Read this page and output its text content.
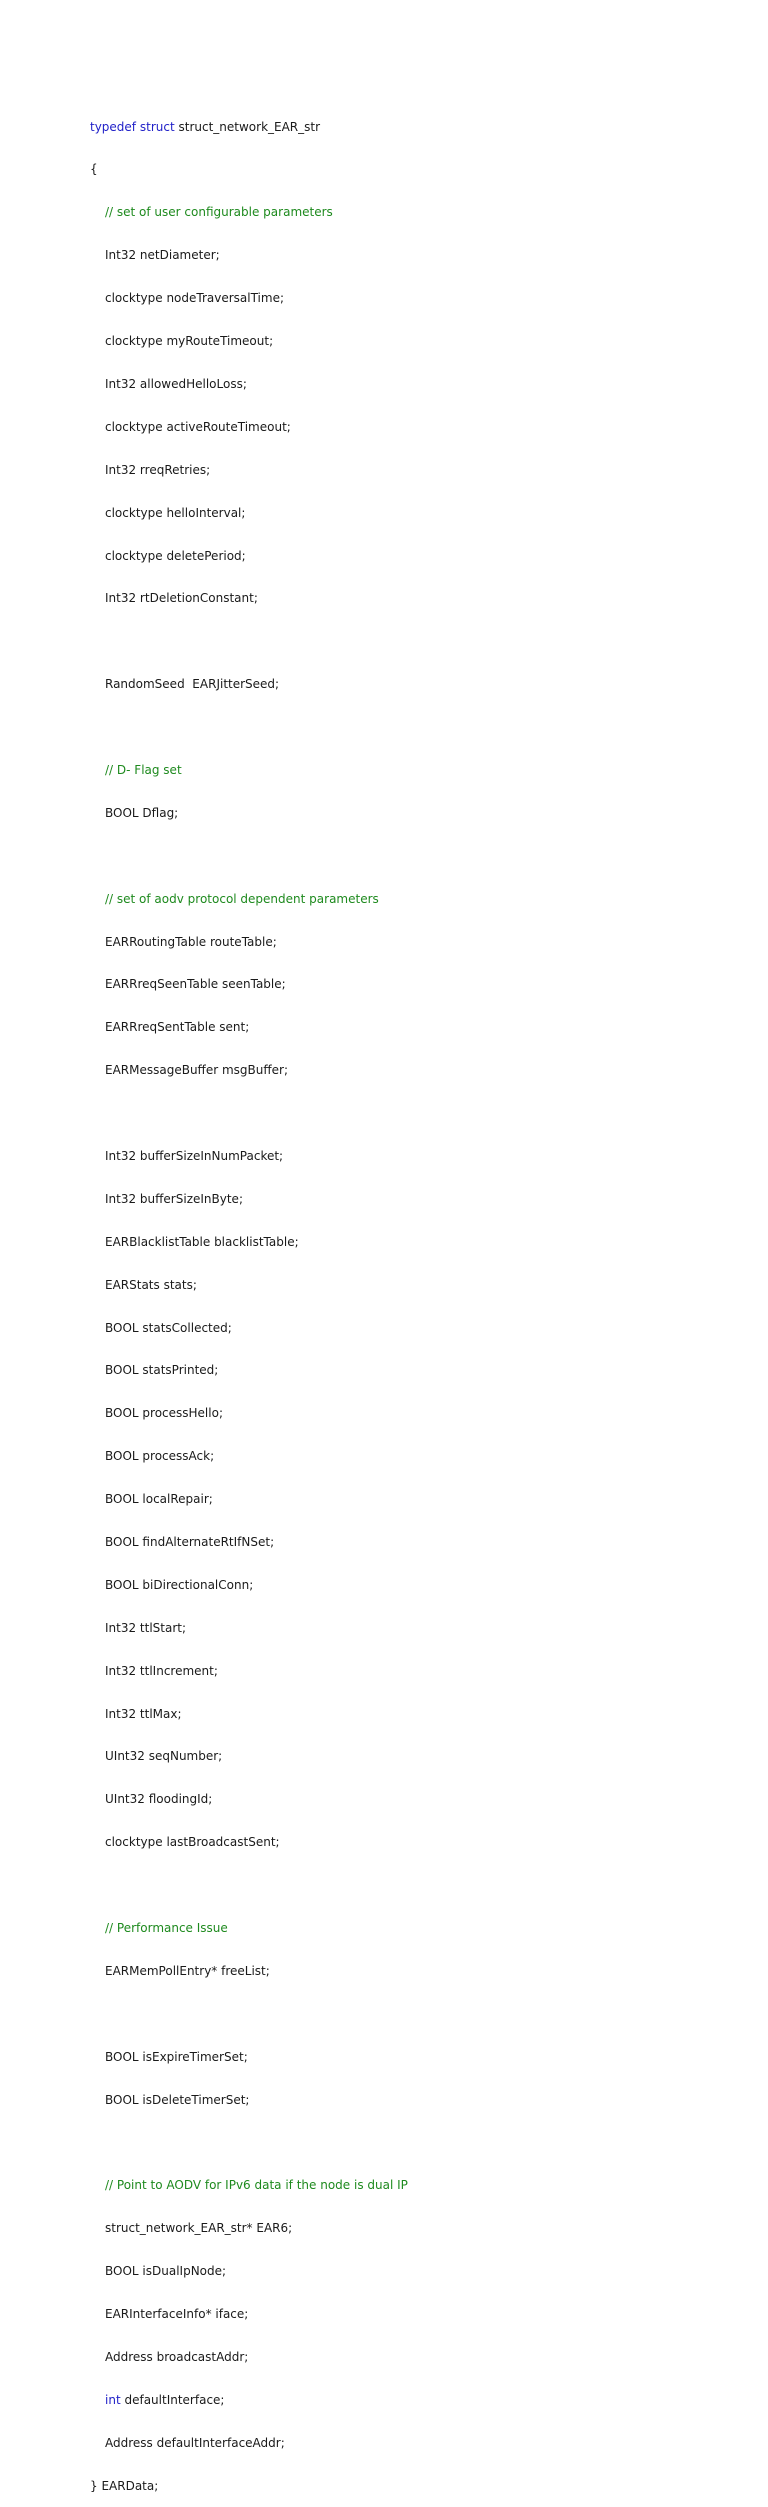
typedef struct struct_network_EAR_str

{

// set of user configurable parameters

Int32 netDiameter;

clocktype nodeTraversalTime;

clocktype myRouteTimeout;

Int32 allowedHelloLoss;

clocktype activeRouteTimeout;

Int32 rreqRetries;

clocktype helloInterval;

clocktype deletePeriod;

Int32 rtDeletionConstant;

RandomSeed  EARJitterSeed;

// D- Flag set

BOOL Dflag;

// set of aodv protocol dependent parameters

EARRoutingTable routeTable;

EARRreqSeenTable seenTable;

EARRreqSentTable sent;

EARMessageBuffer msgBuffer;

Int32 bufferSizeInNumPacket;

Int32 bufferSizeInByte;

EARBlacklistTable blacklistTable;

EARStats stats;

BOOL statsCollected;

BOOL statsPrinted;

BOOL processHello;

BOOL processAck;

BOOL localRepair;

BOOL findAlternateRtIfNSet;

BOOL biDirectionalConn;

Int32 ttlStart;

Int32 ttlIncrement;

Int32 ttlMax;

UInt32 seqNumber;

UInt32 floodingId;

clocktype lastBroadcastSent;

// Performance Issue

EARMemPollEntry* freeList;

BOOL isExpireTimerSet;

BOOL isDeleteTimerSet;

// Point to AODV for IPv6 data if the node is dual IP

struct_network_EAR_str* EAR6;

BOOL isDualIpNode;

EARInterfaceInfo* iface;

Address broadcastAddr;

int defaultInterface;

Address defaultInterfaceAddr;

} EARData;
